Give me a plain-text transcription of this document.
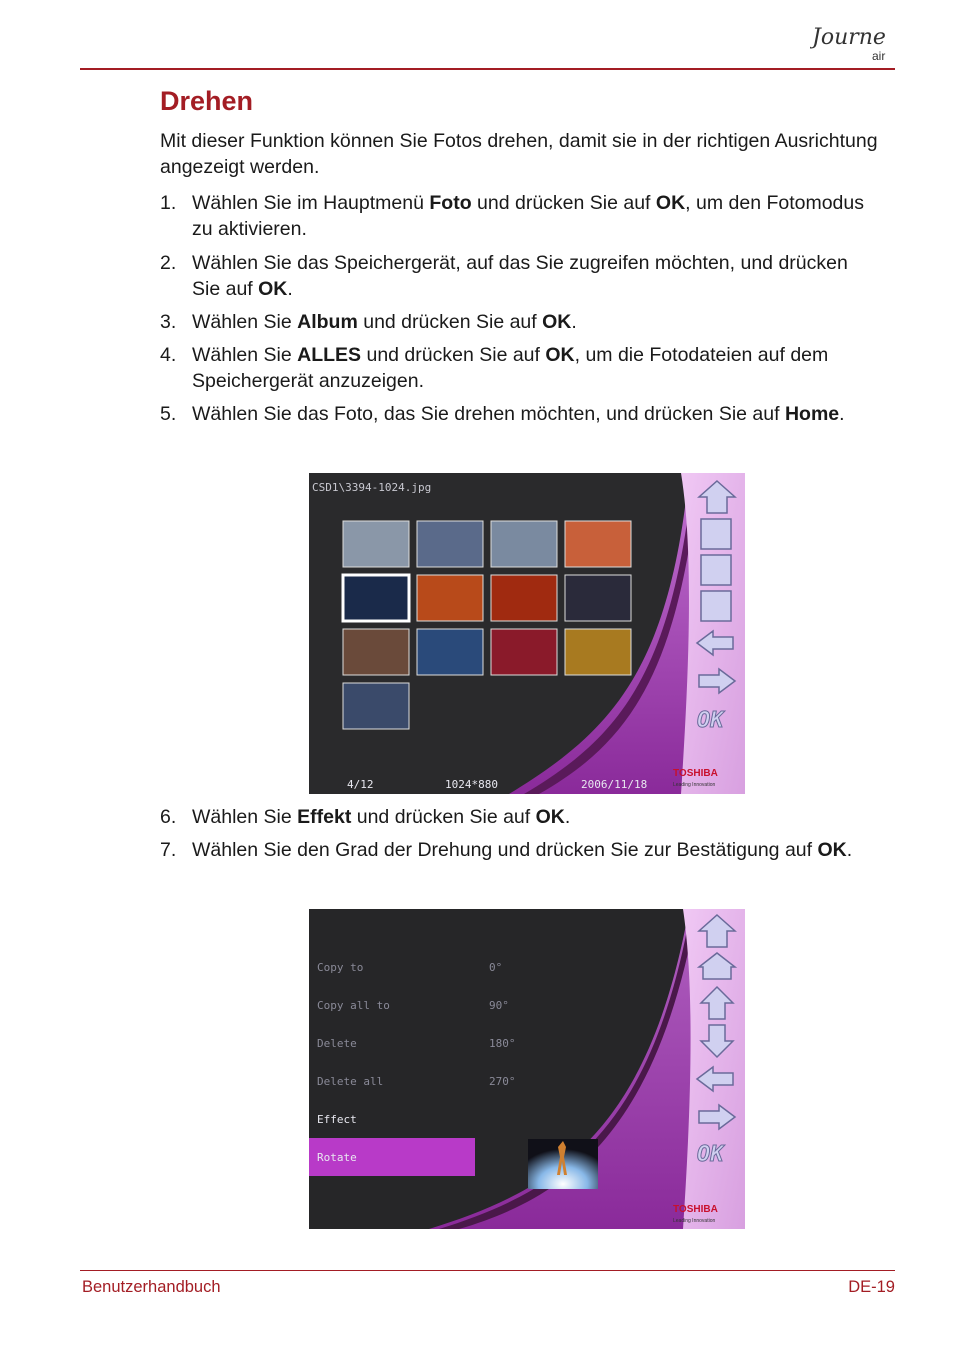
Journe
air
Drehen

Mit dieser Funktion können Sie Fotos drehen, damit sie in der richtigen Ausrichtung angezeigt werden.

1. Wählen Sie im Hauptmenü Foto und drücken Sie auf OK, um den Fotomodus zu aktivieren.
2. Wählen Sie das Speichergerät, auf das Sie zugreifen möchten, und drücken Sie auf OK.
3. Wählen Sie Album und drücken Sie auf OK.
4. Wählen Sie ALLES und drücken Sie auf OK, um die Fotodateien auf dem Speichergerät anzuzeigen.
5. Wählen Sie das Foto, das Sie drehen möchten, und drücken Sie auf Home.
CSD1\3394-1024.jpg
OK
4/12	1024*880	2006/11/18
TOSHIBA
Leading Innovation
6. Wählen Sie Effekt und drücken Sie auf OK.
7. Wählen Sie den Grad der Drehung und drücken Sie zur Bestätigung auf OK.
Copy to
Copy all to
Delete
Delete all
Effect
Rotate
0°
90°
180°
270°
OK
TOSHIBA
Leading Innovation
Benutzerhandbuch	DE-19
